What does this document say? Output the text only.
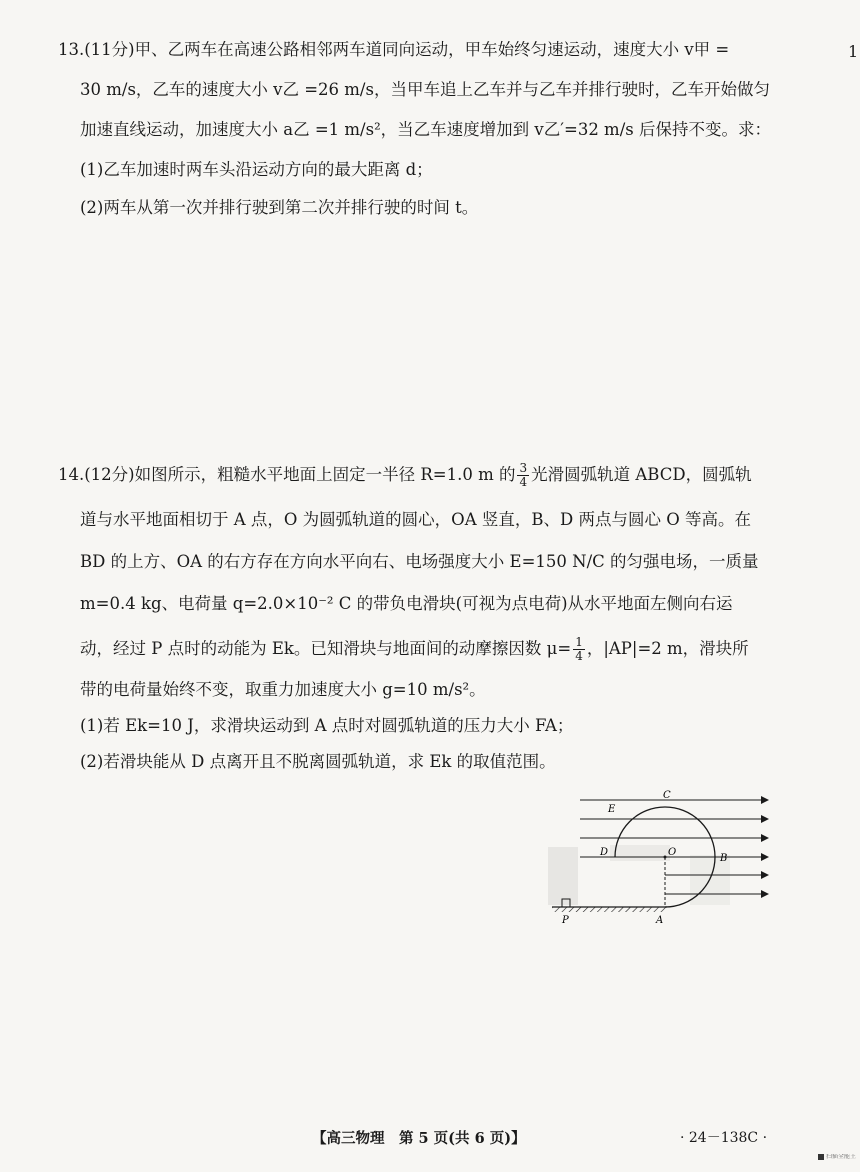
1
13.(11分)甲、乙两车在高速公路相邻两车道同向运动，甲车始终匀速运动，速度大小 v甲 =
30 m/s，乙车的速度大小 v乙 =26 m/s，当甲车追上乙车并与乙车并排行驶时，乙车开始做匀
加速直线运动，加速度大小 a乙 =1 m/s²，当乙车速度增加到 v乙′=32 m/s 后保持不变。求：
(1)乙车加速时两车头沿运动方向的最大距离 d；
(2)两车从第一次并排行驶到第二次并排行驶的时间 t。
14.(12分)如图所示，粗糙水平地面上固定一半径 R=1.0 m 的 $\frac{3}{4}$ 光滑圆弧轨道 ABCD，圆弧轨
道与水平地面相切于 A 点，O 为圆弧轨道的圆心，OA 竖直，B、D 两点与圆心 O 等高。在
BD 的上方、OA 的右方存在方向水平向右、电场强度大小 E=150 N/C 的匀强电场，一质量
m=0.4 kg、电荷量 q=2.0×10⁻² C 的带负电滑块(可视为点电荷)从水平地面左侧向右运
动，经过 P 点时的动能为 Ek。已知滑块与地面间的动摩擦因数 $\mu= \frac{1}{4}$ ，|AP|=2 m，滑块所
带的电荷量始终不变，取重力加速度大小 g=10 m/s²。
(1)若 Ek=10 J，求滑块运动到 A 点时对圆弧轨道的压力大小 FA；
(2)若滑块能从 D 点离开且不脱离圆弧轨道，求 Ek 的取值范围。
C
E
D	O
B
P	A
【高三物理　第 5 页(共 6 页)】	· 24－138C ·
扫描全能王
